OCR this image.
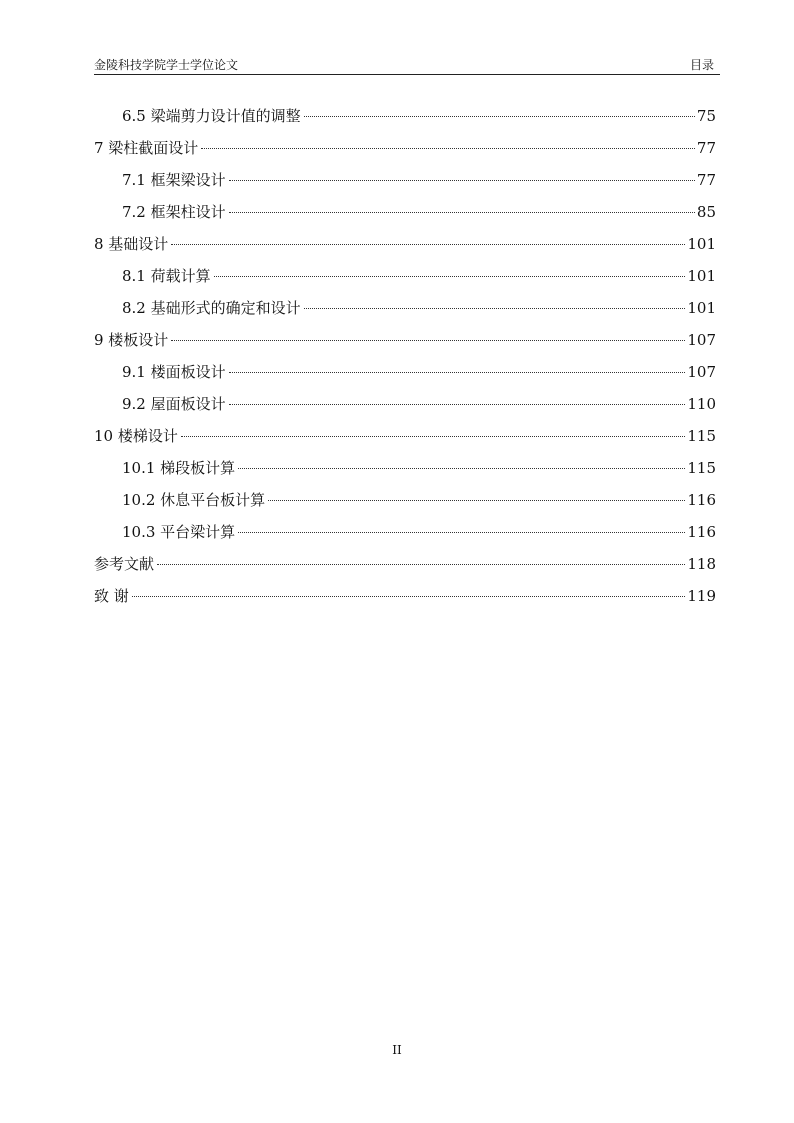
金陵科技学院学士学位论文	目录
6.5 梁端剪力设计值的调整	75
7 梁柱截面设计	77
7.1 框架梁设计	77
7.2 框架柱设计	85
8 基础设计	101
8.1 荷载计算	101
8.2 基础形式的确定和设计	101
9 楼板设计	107
9.1 楼面板设计	107
9.2 屋面板设计	110
10 楼梯设计	115
10.1 梯段板计算	115
10.2 休息平台板计算	116
10.3 平台梁计算	116
参考文献	118
致 谢	119
II
